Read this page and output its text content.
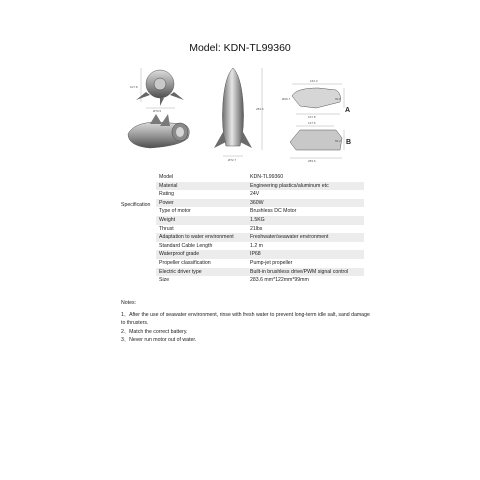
Model: KDN-TL99360
Ø70.5
107.8
283.6
Ø72.7
162.3
99.8
Ø29.7
107.8
A
127.6
56.2
283.6
B
Specification
Model	KDN-TL99360
Material	Engineering plastics/aluminum etc
Rating	24V
Power	360W
Type of motor	Brushless DC Motor
Weight	1.5KG
Thrust	21lbs
Adaptation to water environment	Freshwater/seawater environment
Standard Cable Length	1.2 m
Waterproof grade	IP68
Propeller classification	Pump-jet propeller
Electric driver type	Built-in brushless drive/PWM signal control
Size	283.6 mm*122mm*99mm

Notes:

1、After the use of seawater environment, rinse with fresh water to prevent long-term idle salt, sand damage to thrusters.

2、Match the correct battery.

3、Never run motor out of water.
